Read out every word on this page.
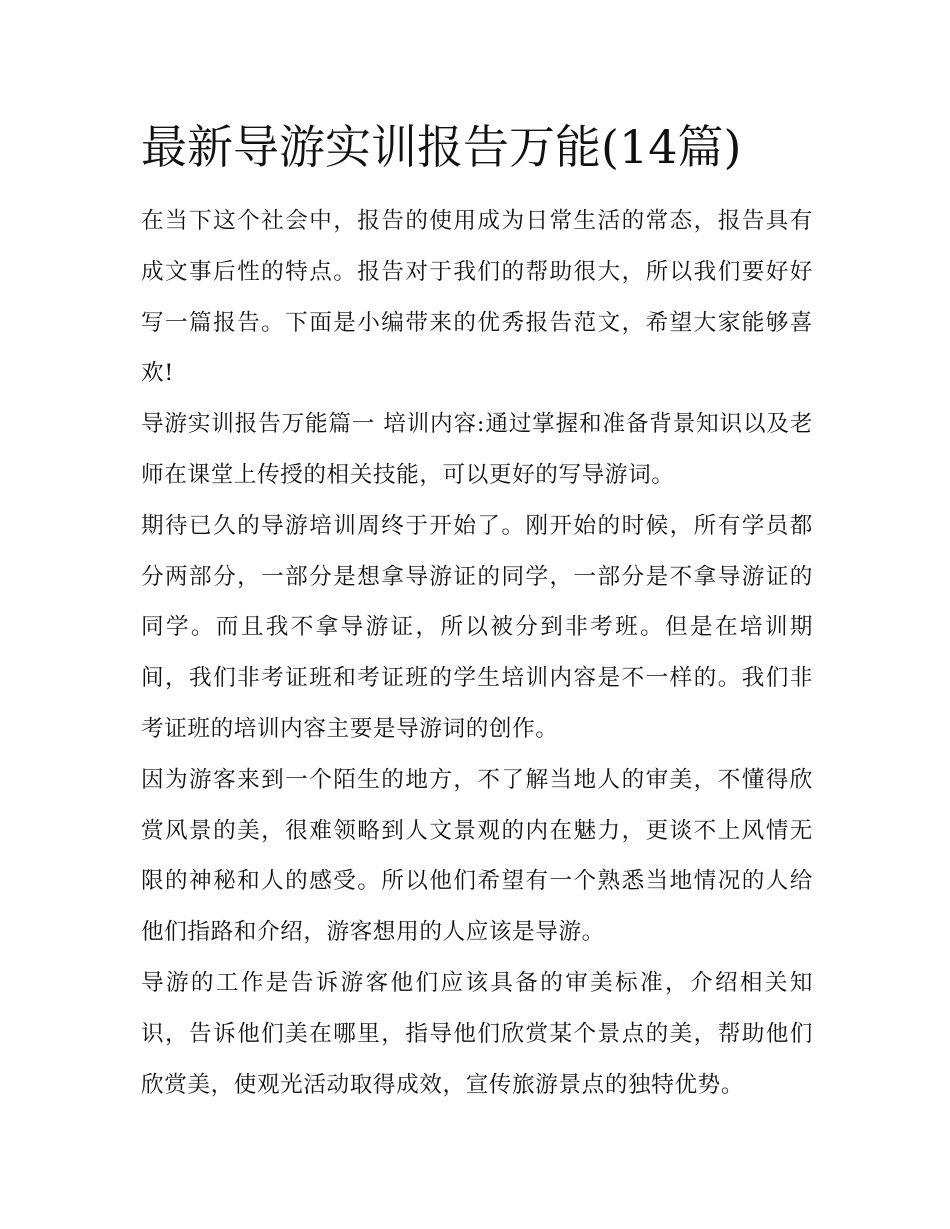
最新导游实训报告万能(14篇)

在当下这个社会中，报告的使用成为日常生活的常态，报告具有成文事后性的特点。报告对于我们的帮助很大，所以我们要好好写一篇报告。下面是小编带来的优秀报告范文，希望大家能够喜欢!

导游实训报告万能篇一 培训内容:通过掌握和准备背景知识以及老师在课堂上传授的相关技能，可以更好的写导游词。

期待已久的导游培训周终于开始了。刚开始的时候，所有学员都分两部分，一部分是想拿导游证的同学，一部分是不拿导游证的同学。而且我不拿导游证，所以被分到非考班。但是在培训期间，我们非考证班和考证班的学生培训内容是不一样的。我们非考证班的培训内容主要是导游词的创作。

因为游客来到一个陌生的地方，不了解当地人的审美，不懂得欣赏风景的美，很难领略到人文景观的内在魅力，更谈不上风情无限的神秘和人的感受。所以他们希望有一个熟悉当地情况的人给他们指路和介绍，游客想用的人应该是导游。

导游的工作是告诉游客他们应该具备的审美标准，介绍相关知识，告诉他们美在哪里，指导他们欣赏某个景点的美，帮助他们欣赏美，使观光活动取得成效，宣传旅游景点的独特优势。
